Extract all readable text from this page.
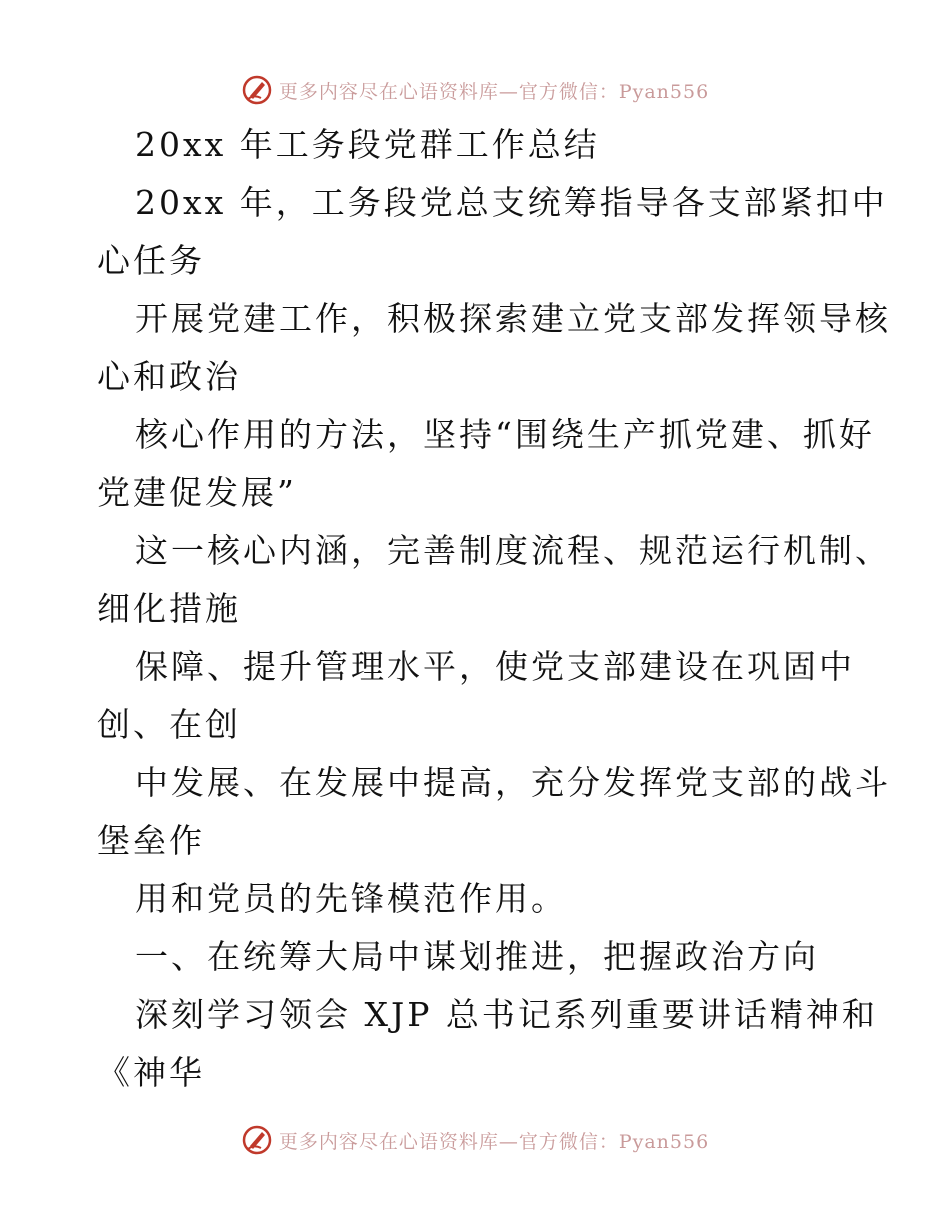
更多内容尽在心语资料库—官方微信：Pyan556
20xx 年工务段党群工作总结
20xx 年，工务段党总支统筹指导各支部紧扣中
心任务
开展党建工作，积极探索建立党支部发挥领导核
心和政治
核心作用的方法，坚持“围绕生产抓党建、抓好
党建促发展”
这一核心内涵，完善制度流程、规范运行机制、
细化措施
保障、提升管理水平，使党支部建设在巩固中
创、在创
中发展、在发展中提高，充分发挥党支部的战斗
堡垒作
用和党员的先锋模范作用。
一、在统筹大局中谋划推进，把握政治方向
深刻学习领会 XJP 总书记系列重要讲话精神和
《神华
更多内容尽在心语资料库—官方微信：Pyan556
